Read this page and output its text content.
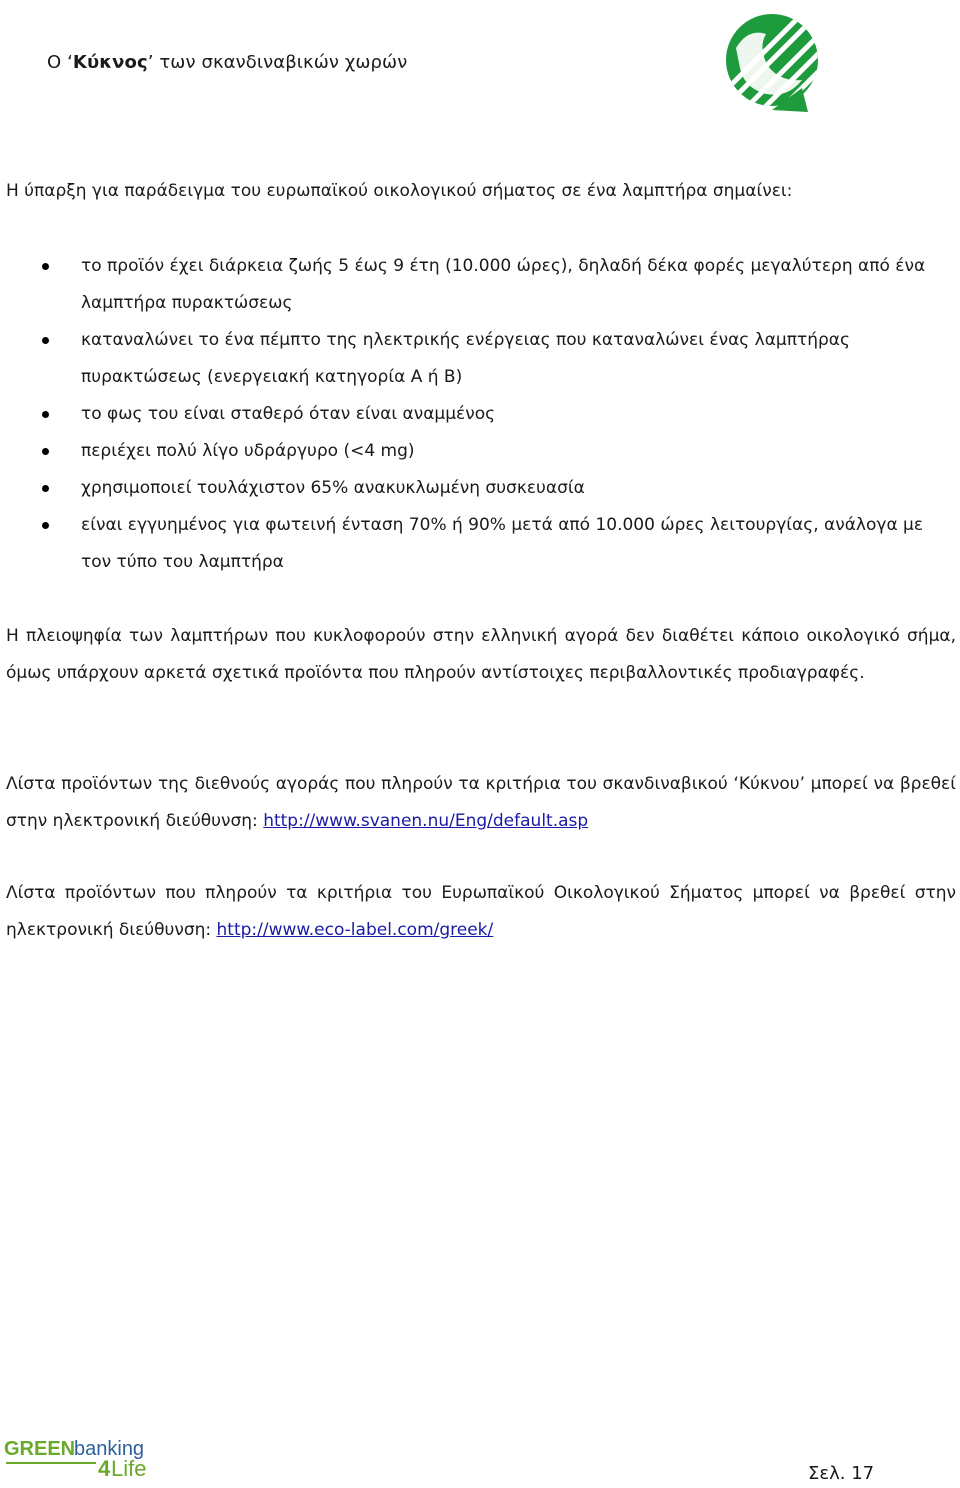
Ο ‘Κύκνος’ των σκανδιναβικών χωρών
Η ύπαρξη για παράδειγμα του ευρωπαϊκού οικολογικού σήματος σε ένα λαμπτήρα σημαίνει:
το προϊόν έχει διάρκεια ζωής 5 έως 9 έτη (10.000 ώρες), δηλαδή δέκα φορές μεγαλύτερη από ένα λαμπτήρα πυρακτώσεως
καταναλώνει το ένα πέμπτο της ηλεκτρικής ενέργειας που καταναλώνει ένας λαμπτήρας πυρακτώσεως (ενεργειακή κατηγορία A ή B)
το φως του είναι σταθερό όταν είναι αναμμένος
περιέχει πολύ λίγο υδράργυρο (<4 mg)
χρησιμοποιεί τουλάχιστον 65% ανακυκλωμένη συσκευασία
είναι εγγυημένος για φωτεινή ένταση 70% ή 90% μετά από 10.000 ώρες λειτουργίας, ανάλογα με τον τύπο του λαμπτήρα

Η πλειοψηφία των λαμπτήρων που κυκλοφορούν στην ελληνική αγορά δεν διαθέτει κάποιο οικολογικό σήμα, όμως υπάρχουν αρκετά σχετικά προϊόντα που πληρούν αντίστοιχες περιβαλλοντικές προδιαγραφές.

Λίστα προϊόντων της διεθνούς αγοράς που πληρούν τα κριτήρια του σκανδιναβικού ‘Κύκνου’ μπορεί να βρεθεί στην ηλεκτρονική διεύθυνση: http://www.svanen.nu/Eng/default.asp

Λίστα προϊόντων που πληρούν τα κριτήρια του Ευρωπαϊκού Οικολογικού Σήματος μπορεί να βρεθεί στην ηλεκτρονική διεύθυνση: http://www.eco-label.com/greek/

GREEN
banking
4 Life	Σελ. 17
